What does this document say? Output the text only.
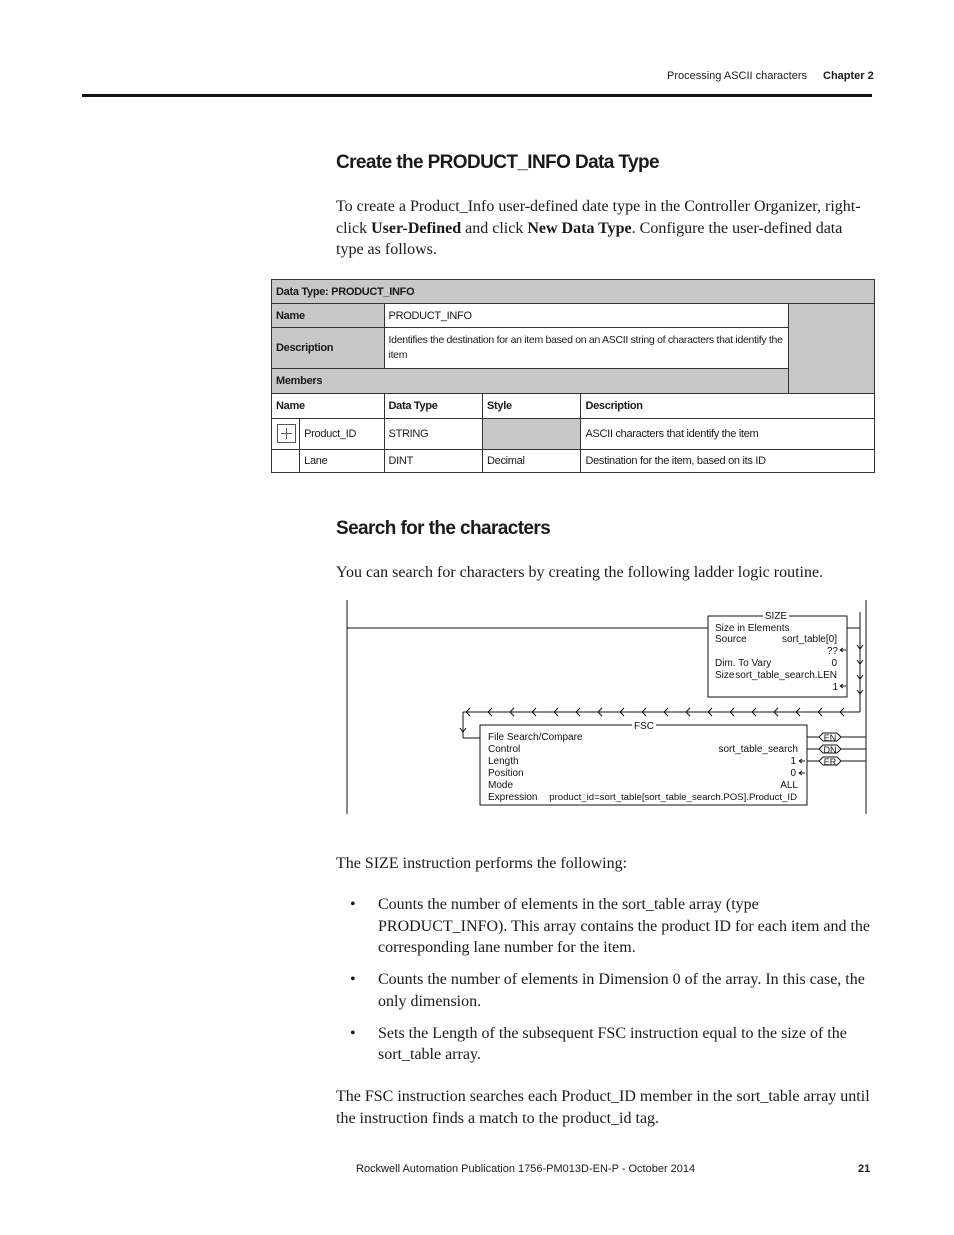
Processing ASCII characters Chapter 2
Create the PRODUCT_INFO Data Type
To create a Product_Info user-defined date type in the Controller Organizer, right-click User-Defined and click New Data Type. Configure the user-defined data type as follows.
Data Type: PRODUCT_INFO					
Name		PRODUCT_INFO			
Description		Identifies the destination for an item based on an ASCII string of characters that identify the item			
Members					
Name		Data Type	Style	Description	
	Product_ID	STRING		ASCII characters that identify the item	
	Lane	DINT	Decimal	Destination for the item, based on its ID	
Search for the characters
You can search for characters by creating the following ladder logic routine.
SIZE
Size in Elements
Source	sort_table[0]
??
Dim. To Vary	0
Size sort_table_search.LEN
1
FSC
File Search/Compare
Control	sort_table_search
Length	1
Position	0
Mode	ALL
Expression product_id=sort_table[sort_table_search.POS].Product_ID
EN
DN
ER
The SIZE instruction performs the following:
• Counts the number of elements in the sort_table array (type PRODUCT_INFO). This array contains the product ID for each item and the corresponding lane number for the item.
• Counts the number of elements in Dimension 0 of the array. In this case, the only dimension.
• Sets the Length of the subsequent FSC instruction equal to the size of the sort_table array.
The FSC instruction searches each Product_ID member in the sort_table array until the instruction finds a match to the product_id tag.
Rockwell Automation Publication 1756-PM013D-EN-P - October 2014	21
